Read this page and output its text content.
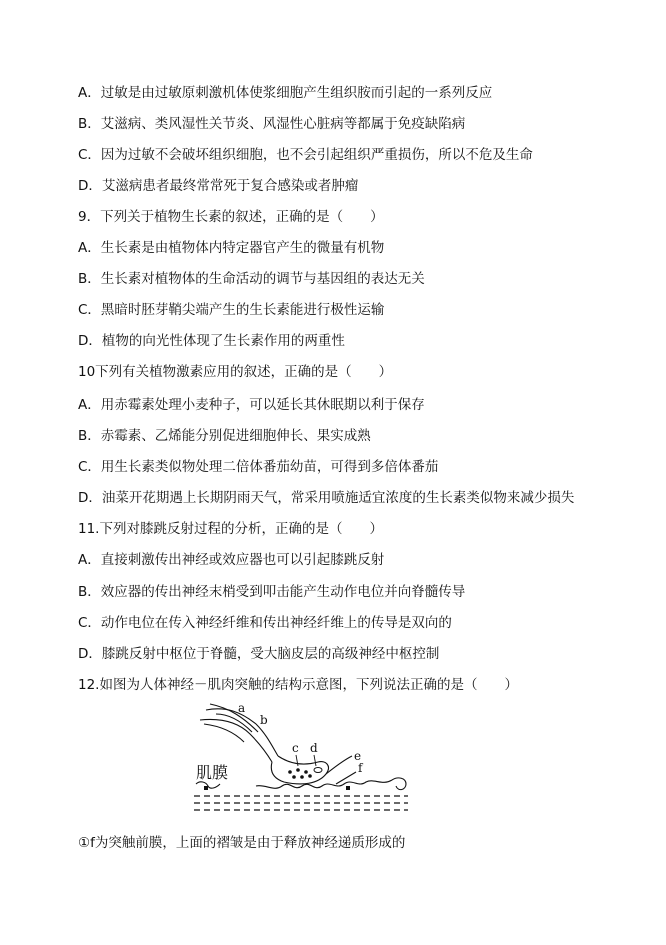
A．过敏是由过敏原刺激机体使浆细胞产生组织胺而引起的一系列反应
B．艾滋病、类风湿性关节炎、风湿性心脏病等都属于免疫缺陷病
C．因为过敏不会破坏组织细胞，也不会引起组织严重损伤，所以不危及生命
D．艾滋病患者最终常常死于复合感染或者肿瘤
9．下列关于植物生长素的叙述，正确的是（　　）
A．生长素是由植物体内特定器官产生的微量有机物
B．生长素对植物体的生命活动的调节与基因组的表达无关
C．黑暗时胚芽鞘尖端产生的生长素能进行极性运输
D．植物的向光性体现了生长素作用的两重性
10下列有关植物激素应用的叙述，正确的是（　　）
A．用赤霉素处理小麦种子，可以延长其休眠期以利于保存
B．赤霉素、乙烯能分别促进细胞伸长、果实成熟
C．用生长素类似物处理二倍体番茄幼苗，可得到多倍体番茄
D．油菜开花期遇上长期阴雨天气，常采用喷施适宜浓度的生长素类似物来减少损失
11.下列对膝跳反射过程的分析，正确的是（　　）
A．直接刺激传出神经或效应器也可以引起膝跳反射
B．效应器的传出神经末梢受到叩击能产生动作电位并向脊髓传导
C．动作电位在传入神经纤维和传出神经纤维上的传导是双向的
D．膝跳反射中枢位于脊髓，受大脑皮层的高级神经中枢控制
12.如图为人体神经－肌肉突触的结构示意图，下列说法正确的是（　　）
a
b
c d
e
f
肌膜
①f为突触前膜，上面的褶皱是由于释放神经递质形成的
